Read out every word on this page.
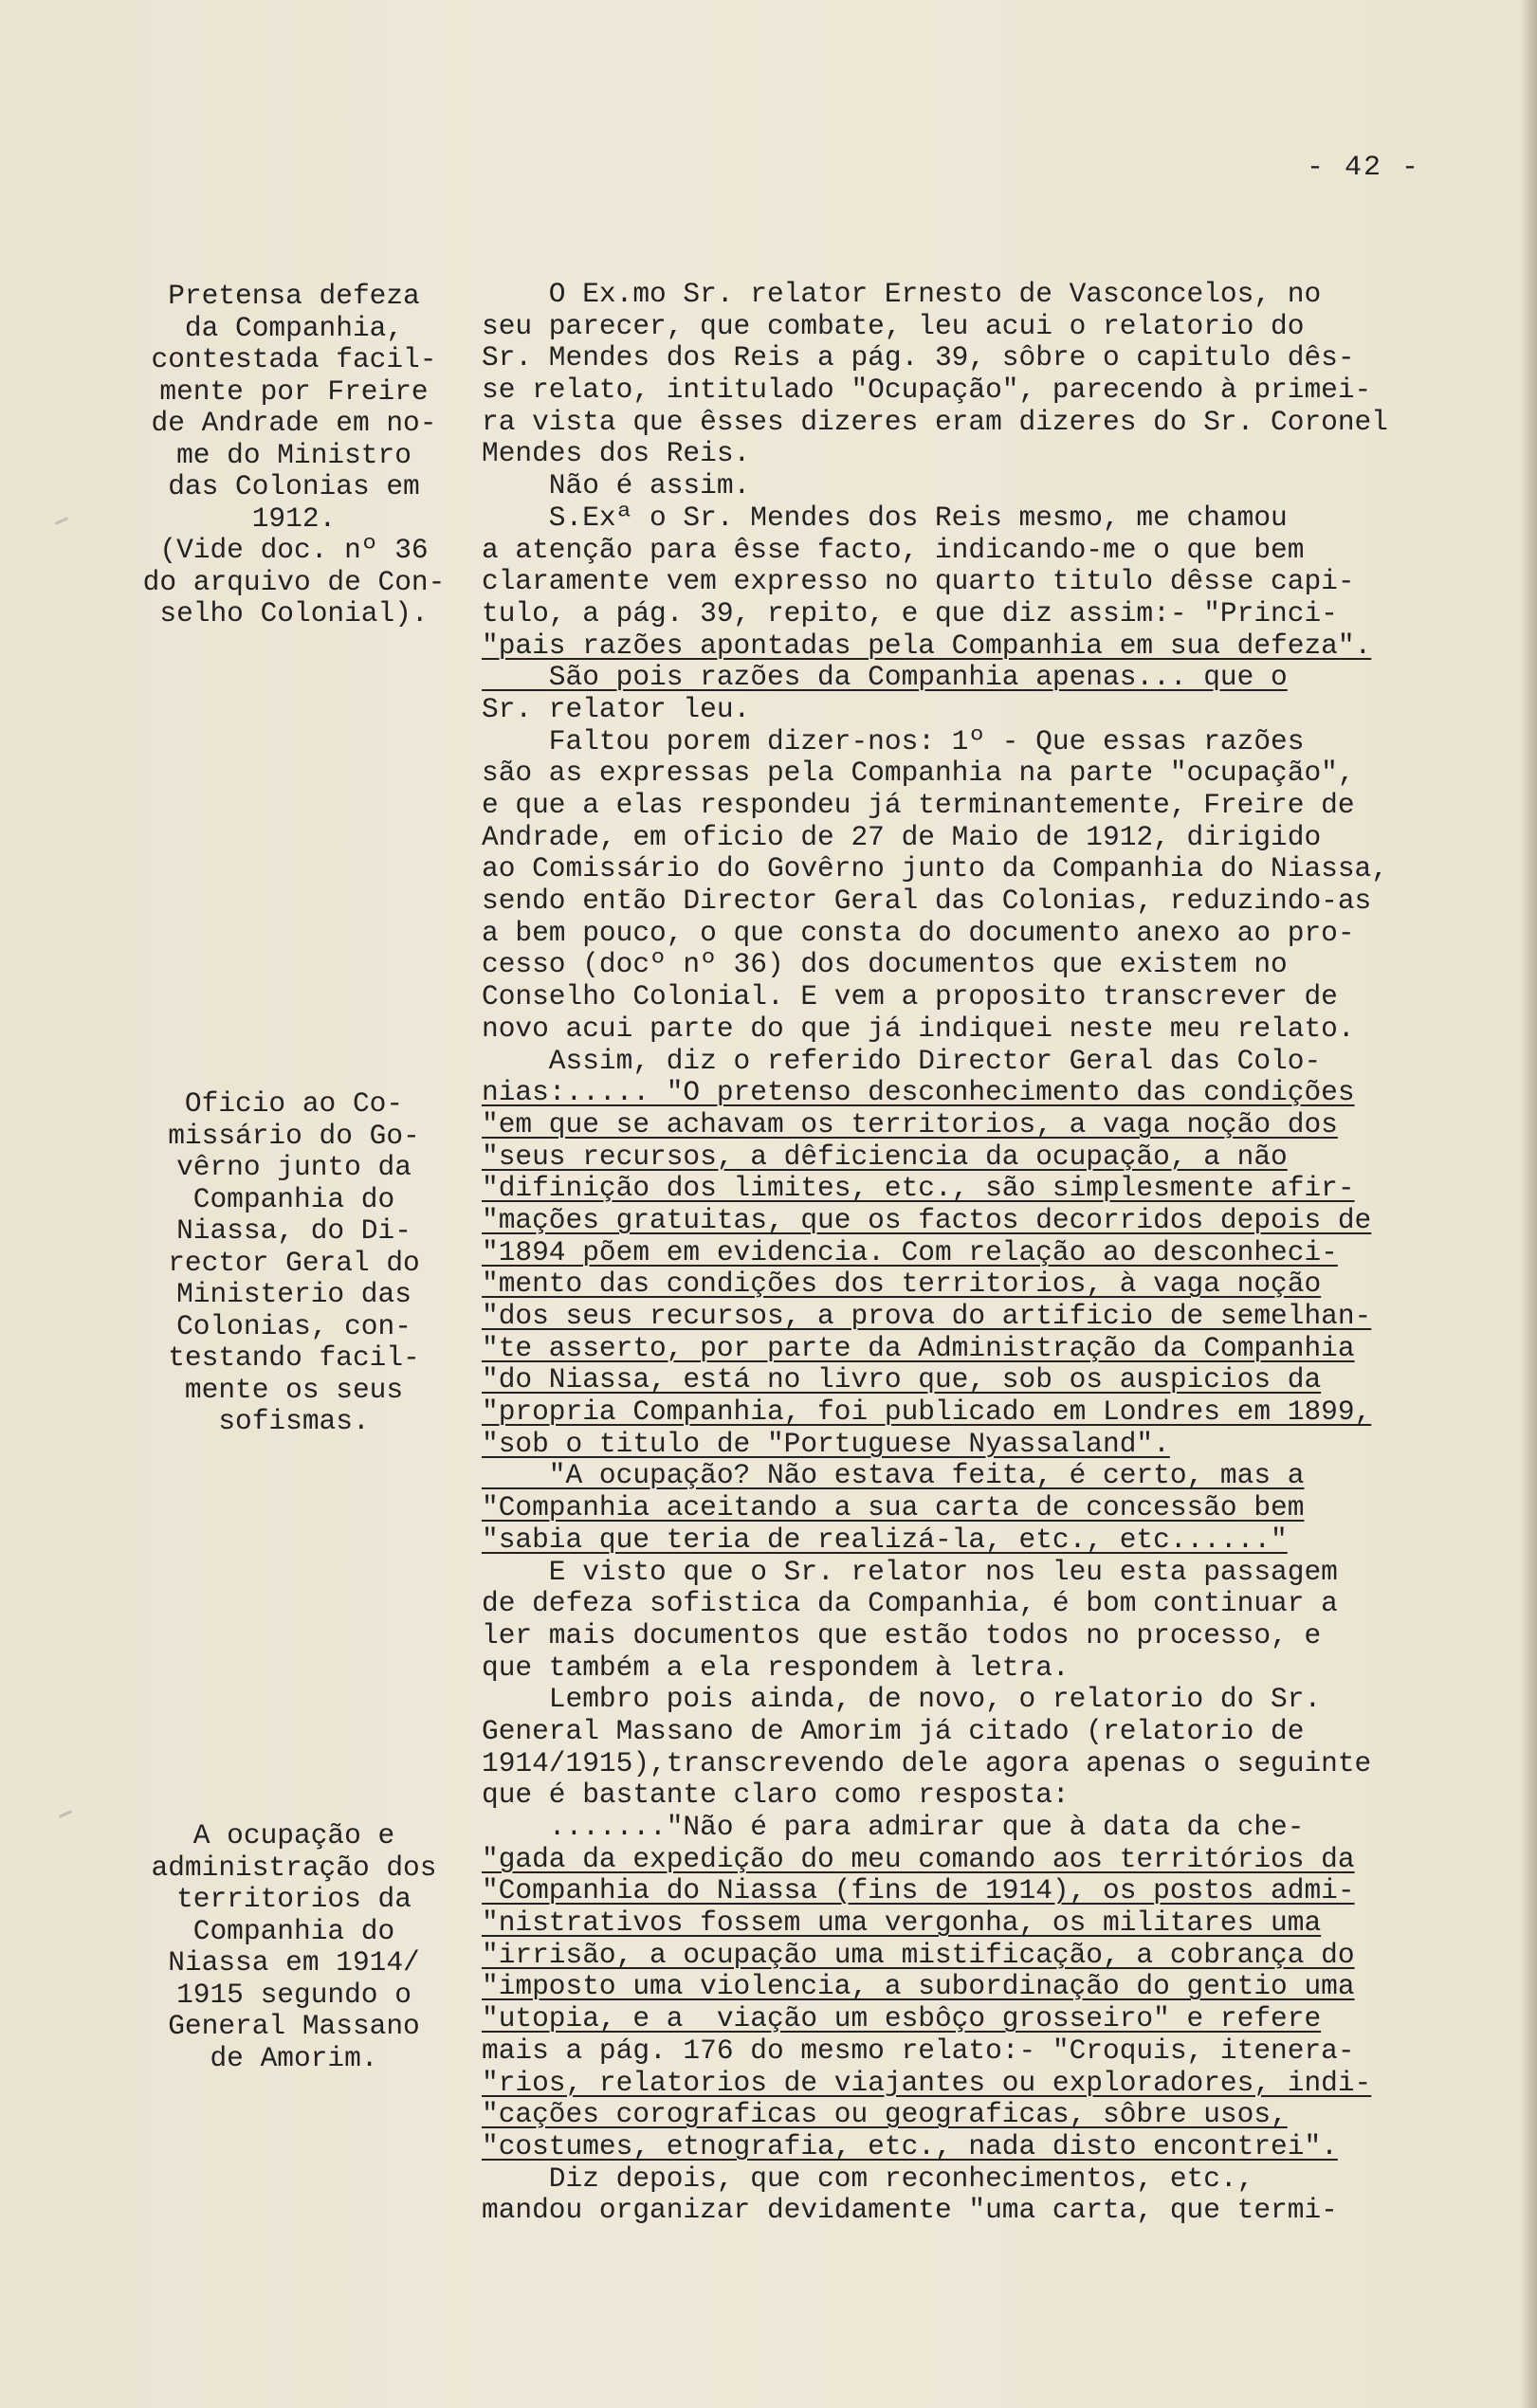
- 42 -
Pretensa defeza
da Companhia,
contestada facil-
mente por Freire
de Andrade em no-
me do Ministro
das Colonias em
1912.
(Vide doc. nº 36
do arquivo de Con-
selho Colonial).
Oficio ao Co-
missário do Go-
vêrno junto da
Companhia do
Niassa, do Di-
rector Geral do
Ministerio das
Colonias, con-
testando facil-
mente os seus
sofismas.
A ocupação e
administração dos
territorios da
Companhia do
Niassa em 1914/
1915 segundo o
General Massano
de Amorim.
O Ex.mo Sr. relator Ernesto de Vasconcelos, no
seu parecer, que combate, leu acui o relatorio do
Sr. Mendes dos Reis a pág. 39, sôbre o capitulo dês-
se relato, intitulado "Ocupação", parecendo à primei-
ra vista que êsses dizeres eram dizeres do Sr. Coronel
Mendes dos Reis.
Não é assim.
S.Exª o Sr. Mendes dos Reis mesmo, me chamou
a atenção para êsse facto, indicando-me o que bem
claramente vem expresso no quarto titulo dêsse capi-
tulo, a pág. 39, repito, e que diz assim:- "Princi-
"pais razões apontadas pela Companhia em sua defeza".
São pois razões da Companhia apenas... que o
Sr. relator leu.
Faltou porem dizer-nos: 1º - Que essas razões
são as expressas pela Companhia na parte "ocupação",
e que a elas respondeu já terminantemente, Freire de
Andrade, em oficio de 27 de Maio de 1912, dirigido
ao Comissário do Govêrno junto da Companhia do Niassa,
sendo então Director Geral das Colonias, reduzindo-as
a bem pouco, o que consta do documento anexo ao pro-
cesso (docº nº 36) dos documentos que existem no
Conselho Colonial. E vem a proposito transcrever de
novo acui parte do que já indiquei neste meu relato.
Assim, diz o referido Director Geral das Colo-
nias:..... "O pretenso desconhecimento das condições
"em que se achavam os territorios, a vaga noção dos
"seus recursos, a dêficiencia da ocupação, a não
"difinição dos limites, etc., são simplesmente afir-
"mações gratuitas, que os factos decorridos depois de
"1894 põem em evidencia. Com relação ao desconheci-
"mento das condições dos territorios, à vaga noção
"dos seus recursos, a prova do artificio de semelhan-
"te asserto, por parte da Administração da Companhia
"do Niassa, está no livro que, sob os auspicios da
"propria Companhia, foi publicado em Londres em 1899,
"sob o titulo de "Portuguese Nyassaland".
"A ocupação? Não estava feita, é certo, mas a
"Companhia aceitando a sua carta de concessão bem
"sabia que teria de realizá-la, etc., etc......"
E visto que o Sr. relator nos leu esta passagem
de defeza sofistica da Companhia, é bom continuar a
ler mais documentos que estão todos no processo, e
que também a ela respondem à letra.
Lembro pois ainda, de novo, o relatorio do Sr.
General Massano de Amorim já citado (relatorio de
1914/1915),transcrevendo dele agora apenas o seguinte
que é bastante claro como resposta:
......."Não é para admirar que à data da che-
"gada da expedição do meu comando aos territórios da
"Companhia do Niassa (fins de 1914), os postos admi-
"nistrativos fossem uma vergonha, os militares uma
"irrisão, a ocupação uma mistificação, a cobrança do
"imposto uma violencia, a subordinação do gentio uma
"utopia, e a  viação um esbôço grosseiro" e refere
mais a pág. 176 do mesmo relato:- "Croquis, itenera-
"rios, relatorios de viajantes ou exploradores, indi-
"cações corograficas ou geograficas, sôbre usos,
"costumes, etnografia, etc., nada disto encontrei".
Diz depois, que com reconhecimentos, etc.,
mandou organizar devidamente "uma carta, que termi-
